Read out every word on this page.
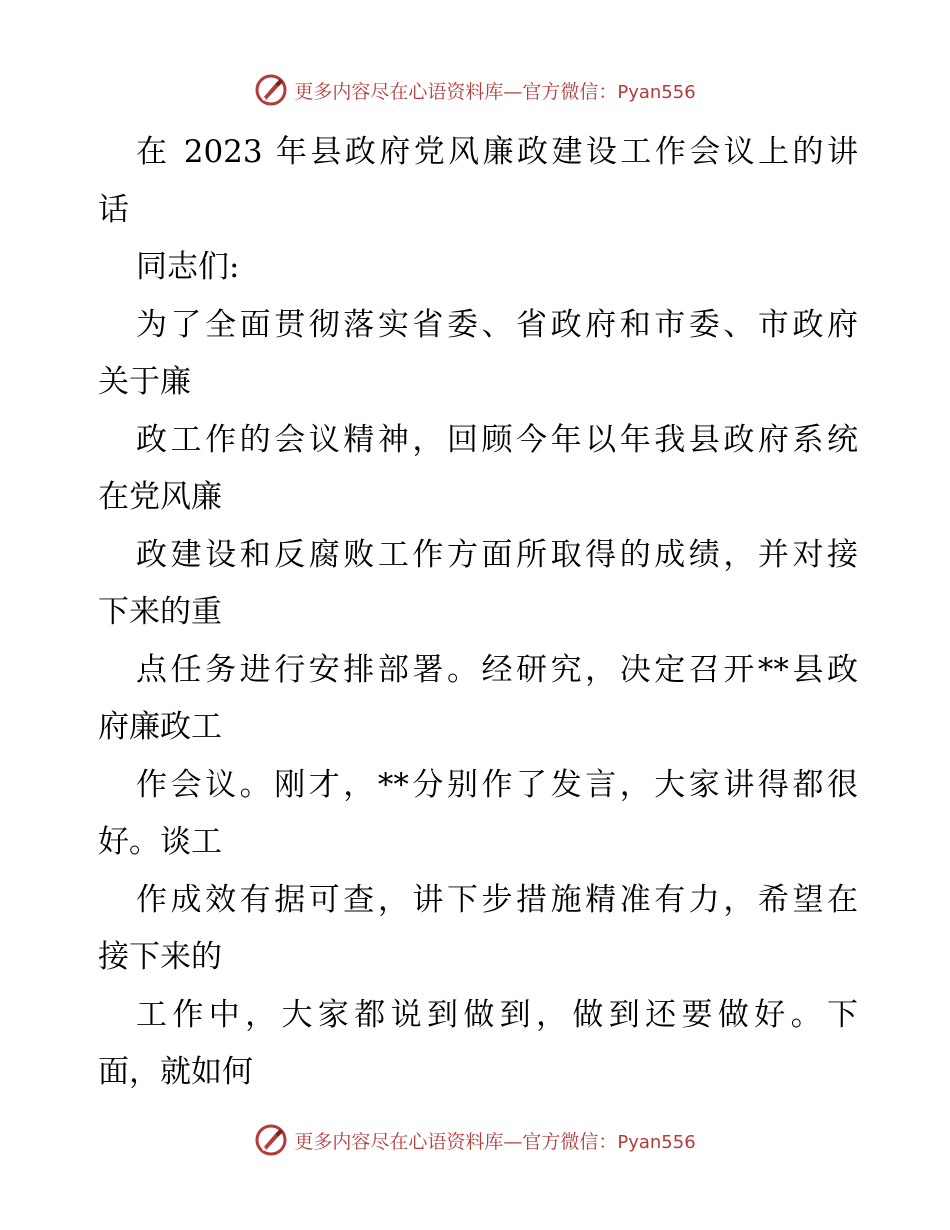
更多内容尽在心语资料库—官方微信：Pyan556
在 2023 年县政府党风廉政建设工作会议上的讲
话
同志们:
为了全面贯彻落实省委、省政府和市委、市政府
关于廉
政工作的会议精神，回顾今年以年我县政府系统
在党风廉
政建设和反腐败工作方面所取得的成绩，并对接
下来的重
点任务进行安排部署。经研究，决定召开**县政
府廉政工
作会议。刚才，**分别作了发言，大家讲得都很
好。谈工
作成效有据可查，讲下步措施精准有力，希望在
接下来的
工作中，大家都说到做到，做到还要做好。下
面，就如何
更多内容尽在心语资料库—官方微信：Pyan556
